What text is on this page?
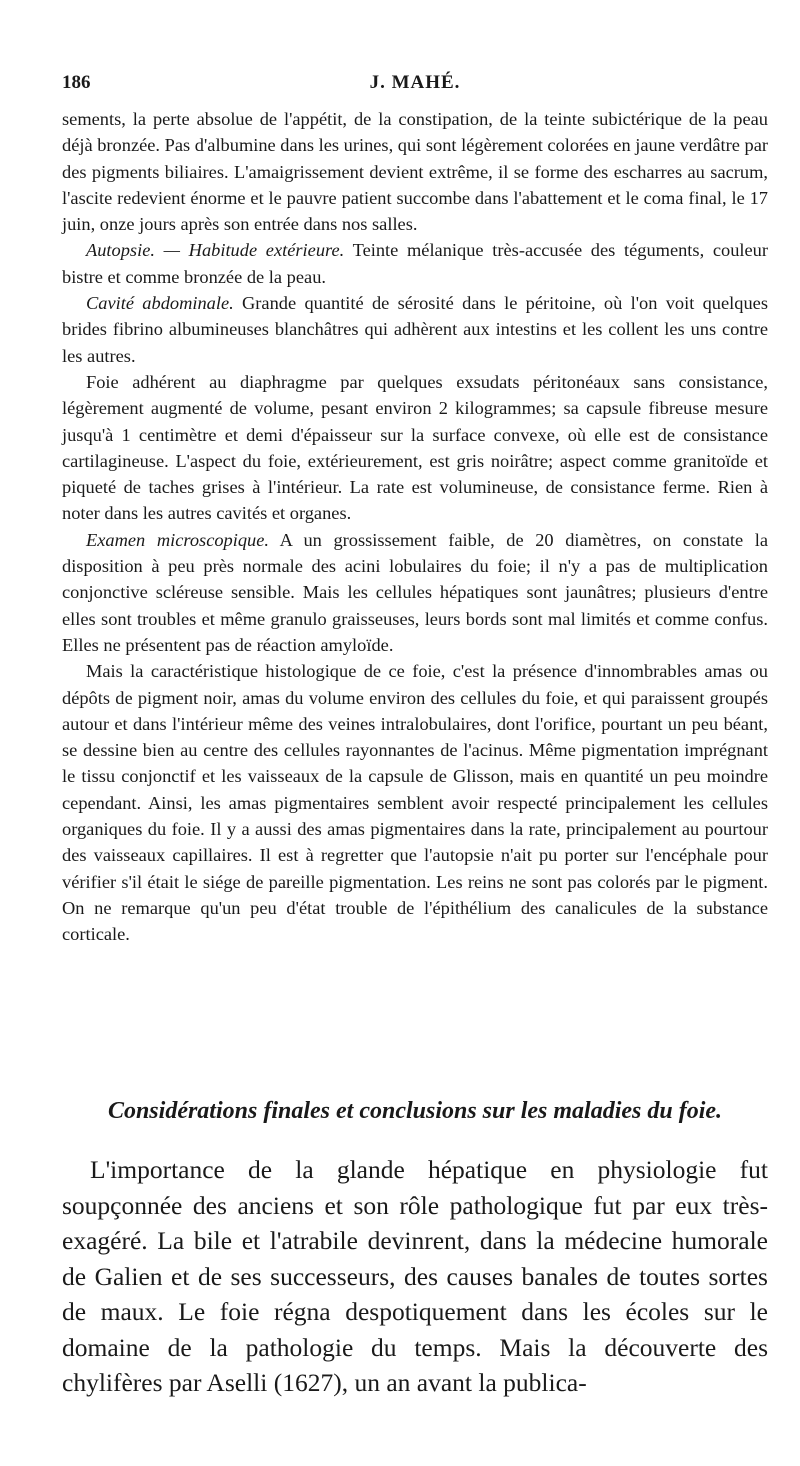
186	J. MAHÉ.

sements, la perte absolue de l'appétit, de la constipation, de la teinte subictérique de la peau déjà bronzée. Pas d'albumine dans les urines, qui sont légèrement colorées en jaune verdâtre par des pigments biliaires. L'amaigrissement devient extrême, il se forme des escharres au sacrum, l'ascite redevient énorme et le pauvre patient succombe dans l'abattement et le coma final, le 17 juin, onze jours après son entrée dans nos salles.

Autopsie. — Habitude extérieure. Teinte mélanique très-accusée des téguments, couleur bistre et comme bronzée de la peau.

Cavité abdominale. Grande quantité de sérosité dans le péritoine, où l'on voit quelques brides fibrino albumineuses blanchâtres qui adhèrent aux intestins et les collent les uns contre les autres.

Foie adhérent au diaphragme par quelques exsudats péritonéaux sans consistance, légèrement augmenté de volume, pesant environ 2 kilogrammes; sa capsule fibreuse mesure jusqu'à 1 centimètre et demi d'épaisseur sur la surface convexe, où elle est de consistance cartilagineuse. L'aspect du foie, extérieurement, est gris noirâtre; aspect comme granitoïde et piqueté de taches grises à l'intérieur. La rate est volumineuse, de consistance ferme. Rien à noter dans les autres cavités et organes.

Examen microscopique. A un grossissement faible, de 20 diamètres, on constate la disposition à peu près normale des acini lobulaires du foie; il n'y a pas de multiplication conjonctive scléreuse sensible. Mais les cellules hépatiques sont jaunâtres; plusieurs d'entre elles sont troubles et même granulo graisseuses, leurs bords sont mal limités et comme confus. Elles ne présentent pas de réaction amyloïde.

Mais la caractéristique histologique de ce foie, c'est la présence d'innombrables amas ou dépôts de pigment noir, amas du volume environ des cellules du foie, et qui paraissent groupés autour et dans l'intérieur même des veines intralobulaires, dont l'orifice, pourtant un peu béant, se dessine bien au centre des cellules rayonnantes de l'acinus. Même pigmentation imprégnant le tissu conjonctif et les vaisseaux de la capsule de Glisson, mais en quantité un peu moindre cependant. Ainsi, les amas pigmentaires semblent avoir respecté principalement les cellules organiques du foie. Il y a aussi des amas pigmentaires dans la rate, principalement au pourtour des vaisseaux capillaires. Il est à regretter que l'autopsie n'ait pu porter sur l'encéphale pour vérifier s'il était le siége de pareille pigmentation. Les reins ne sont pas colorés par le pigment. On ne remarque qu'un peu d'état trouble de l'épithélium des canalicules de la substance corticale.

Considérations finales et conclusions sur les maladies du foie.

L'importance de la glande hépatique en physiologie fut soupçonnée des anciens et son rôle pathologique fut par eux très-exagéré. La bile et l'atrabile devinrent, dans la médecine humorale de Galien et de ses successeurs, des causes banales de toutes sortes de maux. Le foie régna despotiquement dans les écoles sur le domaine de la pathologie du temps. Mais la découverte des chylifères par Aselli (1627), un an avant la publica-
